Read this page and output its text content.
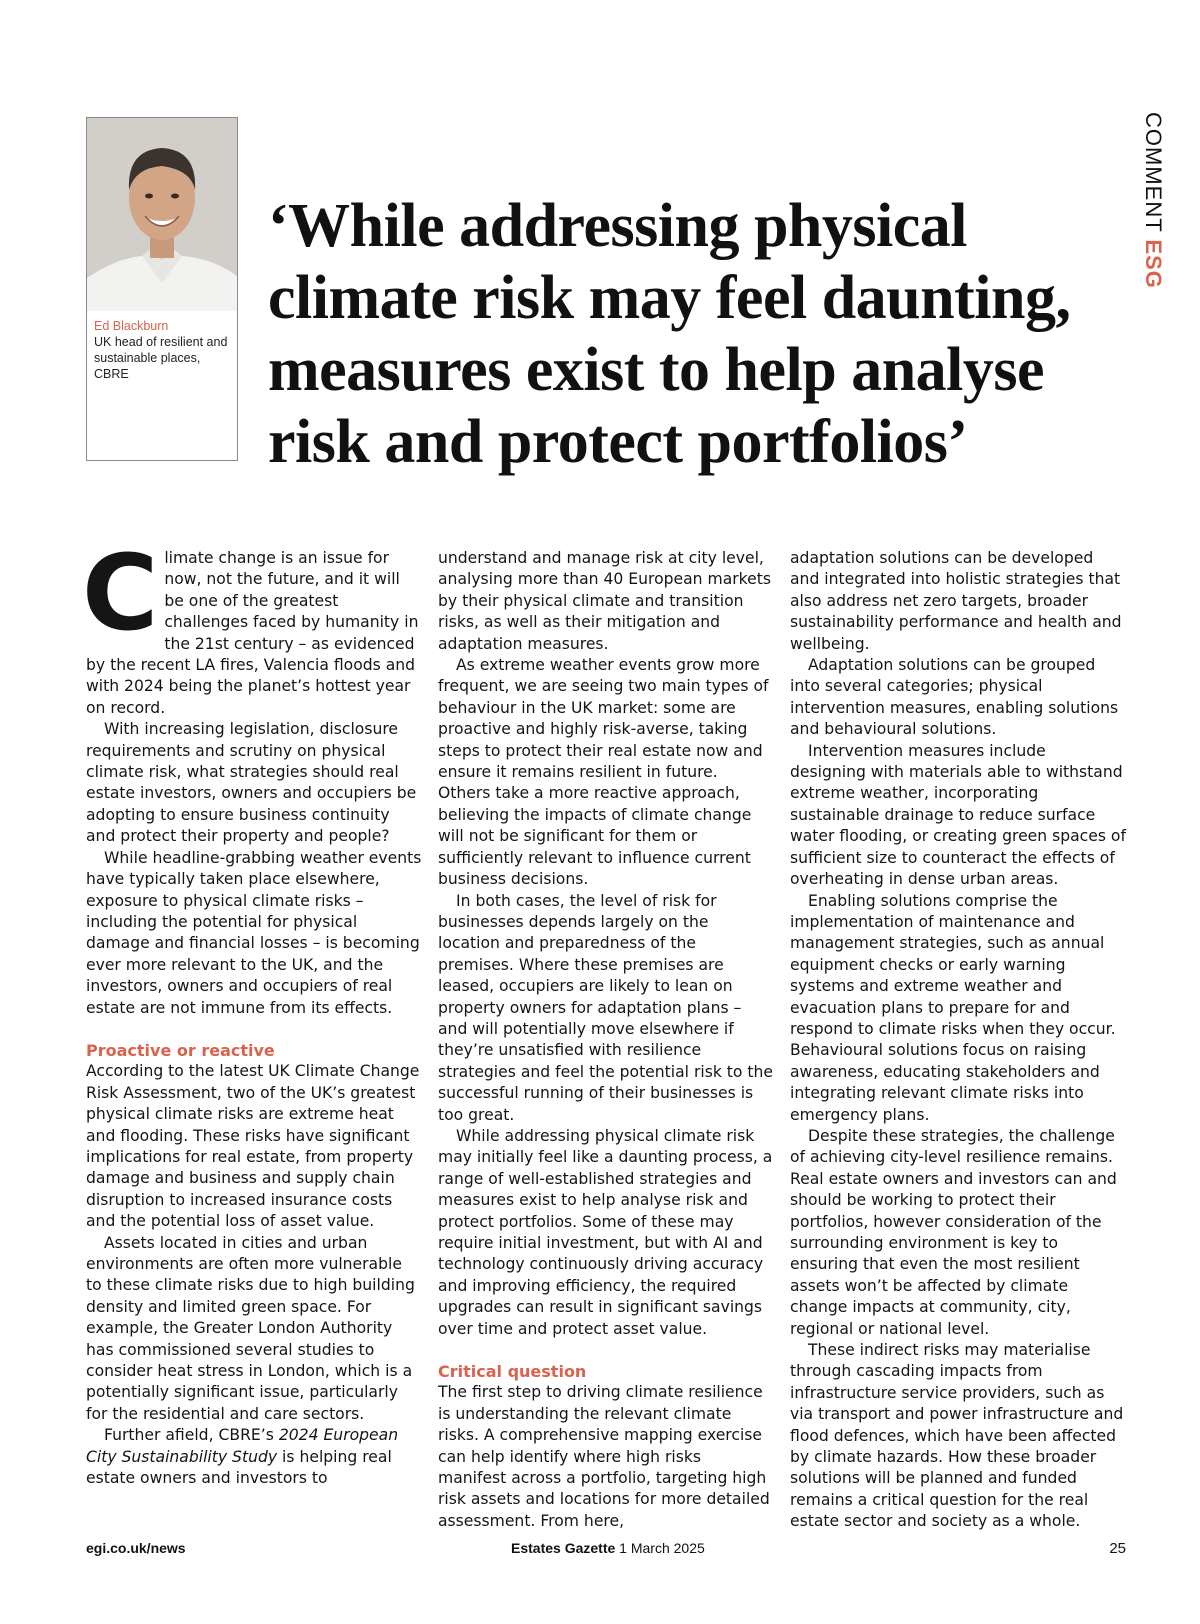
COMMENT ESG
Ed Blackburn
UK head of resilient and sustainable places, CBRE
‘While addressing physical climate risk may feel daunting, measures exist to help analyse risk and protect portfolios’

Climate change is an issue for now, not the future, and it will be one of the greatest challenges faced by humanity in the 21st century – as evidenced by the recent LA fires, Valencia floods and with 2024 being the planet’s hottest year on record.

With increasing legislation, disclosure requirements and scrutiny on physical climate risk, what strategies should real estate investors, owners and occupiers be adopting to ensure business continuity and protect their property and people?

While headline-grabbing weather events have typically taken place elsewhere, exposure to physical climate risks – including the potential for physical damage and financial losses – is becoming ever more relevant to the UK, and the investors, owners and occupiers of real estate are not immune from its effects.

Proactive or reactive

According to the latest UK Climate Change Risk Assessment, two of the UK’s greatest physical climate risks are extreme heat and flooding. These risks have significant implications for real estate, from property damage and business and supply chain disruption to increased insurance costs and the potential loss of asset value.

Assets located in cities and urban environments are often more vulnerable to these climate risks due to high building density and limited green space. For example, the Greater London Authority has commissioned several studies to consider heat stress in London, which is a potentially significant issue, particularly for the residential and care sectors.

Further afield, CBRE’s 2024 European City Sustainability Study is helping real estate owners and investors to

understand and manage risk at city level, analysing more than 40 European markets by their physical climate and transition risks, as well as their mitigation and adaptation measures.

As extreme weather events grow more frequent, we are seeing two main types of behaviour in the UK market: some are proactive and highly risk-averse, taking steps to protect their real estate now and ensure it remains resilient in future. Others take a more reactive approach, believing the impacts of climate change will not be significant for them or sufficiently relevant to influence current business decisions.

In both cases, the level of risk for businesses depends largely on the location and preparedness of the premises. Where these premises are leased, occupiers are likely to lean on property owners for adaptation plans – and will potentially move elsewhere if they’re unsatisfied with resilience strategies and feel the potential risk to the successful running of their businesses is too great.

While addressing physical climate risk may initially feel like a daunting process, a range of well-established strategies and measures exist to help analyse risk and protect portfolios. Some of these may require initial investment, but with AI and technology continuously driving accuracy and improving efficiency, the required upgrades can result in significant savings over time and protect asset value.

Critical question

The first step to driving climate resilience is understanding the relevant climate risks. A comprehensive mapping exercise can help identify where high risks manifest across a portfolio, targeting high risk assets and locations for more detailed assessment. From here,

adaptation solutions can be developed and integrated into holistic strategies that also address net zero targets, broader sustainability performance and health and wellbeing.

Adaptation solutions can be grouped into several categories; physical intervention measures, enabling solutions and behavioural solutions.

Intervention measures include designing with materials able to withstand extreme weather, incorporating sustainable drainage to reduce surface water flooding, or creating green spaces of sufficient size to counteract the effects of overheating in dense urban areas.

Enabling solutions comprise the implementation of maintenance and management strategies, such as annual equipment checks or early warning systems and extreme weather and evacuation plans to prepare for and respond to climate risks when they occur. Behavioural solutions focus on raising awareness, educating stakeholders and integrating relevant climate risks into emergency plans.

Despite these strategies, the challenge of achieving city-level resilience remains. Real estate owners and investors can and should be working to protect their portfolios, however consideration of the surrounding environment is key to ensuring that even the most resilient assets won’t be affected by climate change impacts at community, city, regional or national level.

These indirect risks may materialise through cascading impacts from infrastructure service providers, such as via transport and power infrastructure and flood defences, which have been affected by climate hazards. How these broader solutions will be planned and funded remains a critical question for the real estate sector and society as a whole.

egi.co.uk/news	Estates Gazette 1 March 2025	25
